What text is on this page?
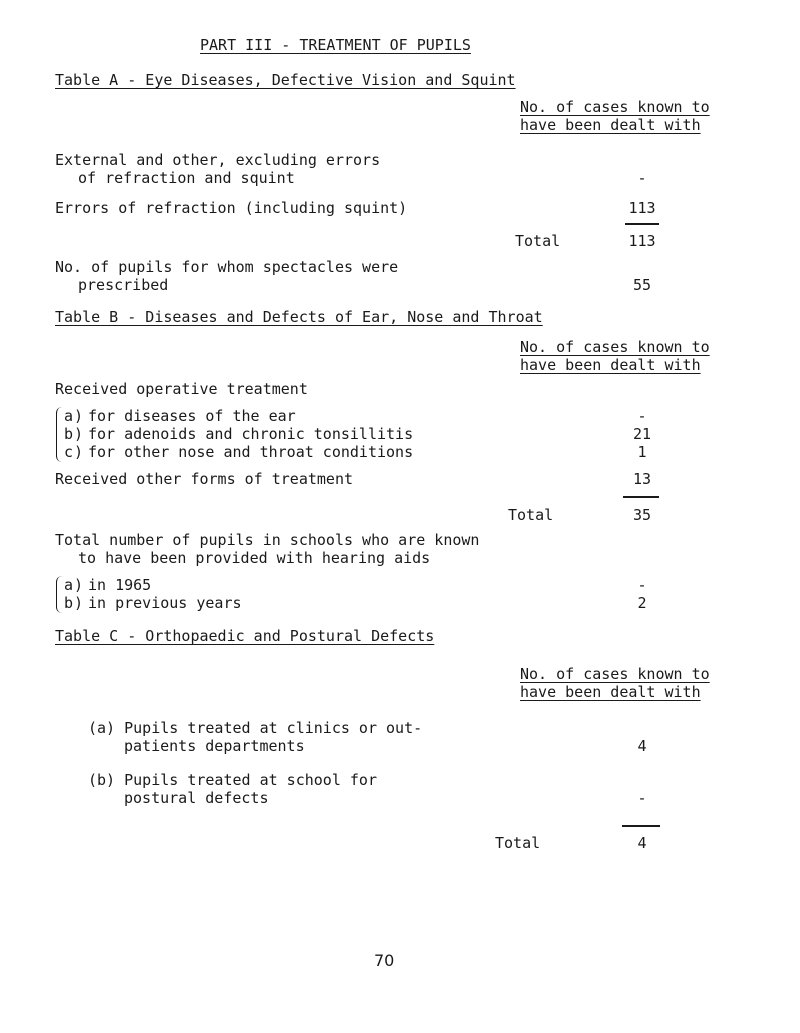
PART III - TREATMENT OF PUPILS
Table A - Eye Diseases, Defective Vision and Squint
No. of cases known to
have been dealt with
External and other, excluding errors
of refraction and squint	-
Errors of refraction (including squint)	113
Total	113
No. of pupils for whom spectacles were
prescribed	55
Table B - Diseases and Defects of Ear, Nose and Throat
No. of cases known to
have been dealt with
Received operative treatment
a ) for diseases of the ear	-
b ) for adenoids and chronic tonsillitis	21
c ) for other nose and throat conditions	1
Received other forms of treatment	13
Total	35
Total number of pupils in schools who are known
to have been provided with hearing aids
a ) in 1965	-
b ) in previous years	2
Table C - Orthopaedic and Postural Defects
No. of cases known to
have been dealt with
(a) Pupils treated at clinics or out-
patients departments	4
(b) Pupils treated at school for
postural defects	-
Total	4
70
